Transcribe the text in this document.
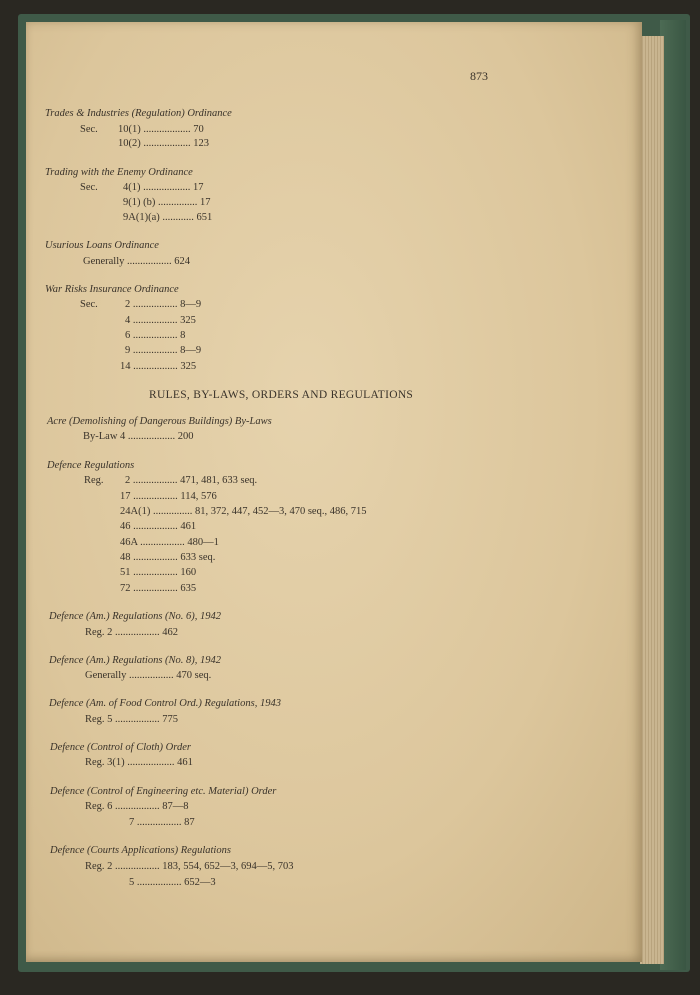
873
Trades & Industries (Regulation) Ordinance
Sec. 10(1) .................. 70
10(2) .................. 123
Trading with the Enemy Ordinance
Sec. 4(1) .................. 17
9(1) (b) ............... 17
9A(1)(a) ............ 651
Usurious Loans Ordinance
Generally ................. 624
War Risks Insurance Ordinance
Sec.	2 ................. 8—9
4 ................. 325
6 ................. 8
9 ................. 8—9
14 ................. 325
RULES, BY-LAWS, ORDERS AND REGULATIONS
Acre (Demolishing of Dangerous Buildings) By-Laws
By-Law 4 .................. 200
Defence Regulations
Reg. 2 ................. 471, 481, 633 seq.
17 ................. 114, 576
24A(1) ............... 81, 372, 447, 452—3, 470 seq., 486, 715
46 ................. 461
46A ................. 480—1
48 ................. 633 seq.
51 ................. 160
72 ................. 635
Defence (Am.) Regulations (No. 6), 1942
Reg. 2 ................. 462
Defence (Am.) Regulations (No. 8), 1942
Generally ................. 470 seq.
Defence (Am. of Food Control Ord.) Regulations, 1943
Reg. 5 ................. 775
Defence (Control of Cloth) Order
Reg. 3(1) .................. 461
Defence (Control of Engineering etc. Material) Order
Reg. 6 ................. 87—8
7 ................. 87
Defence (Courts Applications) Regulations
Reg. 2 ................. 183, 554, 652—3, 694—5, 703
5 ................. 652—3
